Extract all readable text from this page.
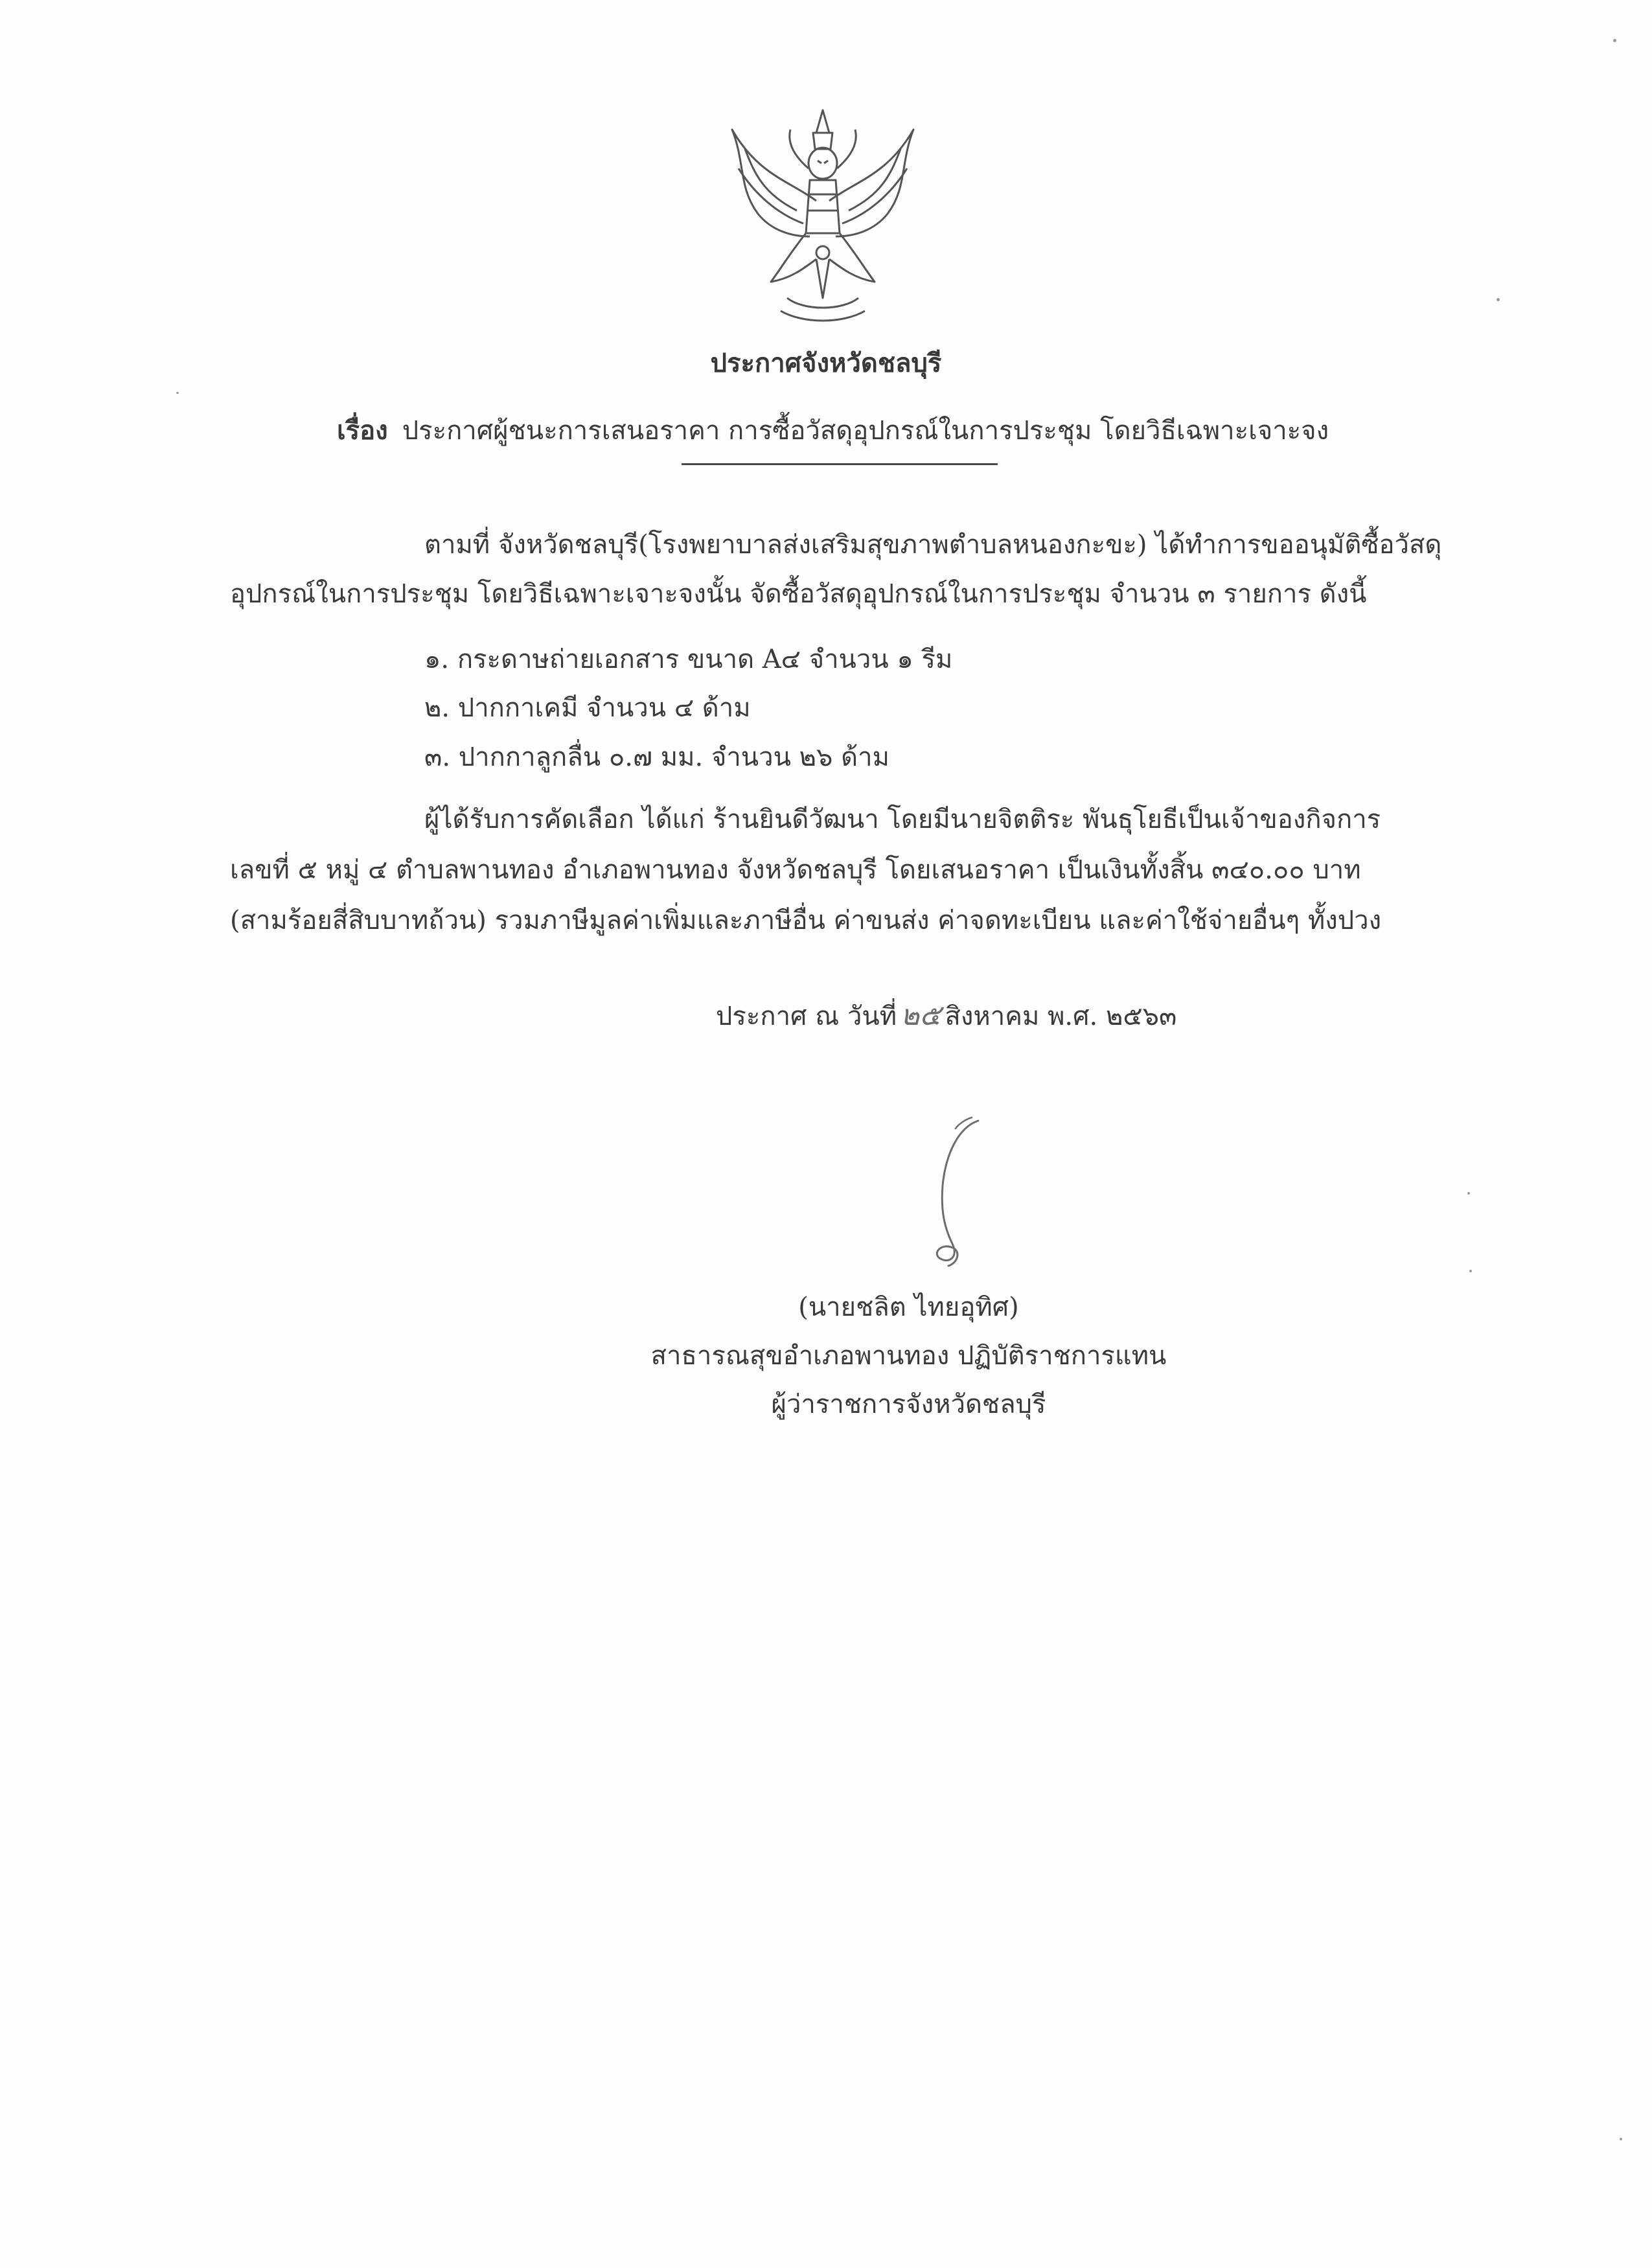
ประกาศจังหวัดชลบุรี
เรื่อง ประกาศผู้ชนะการเสนอราคา การซื้อวัสดุอุปกรณ์ในการประชุม โดยวิธีเฉพาะเจาะจง
ตามที่ จังหวัดชลบุรี(โรงพยาบาลส่งเสริมสุขภาพตำบลหนองกะขะ) ได้ทำการขออนุมัติซื้อวัสดุ
อุปกรณ์ในการประชุม โดยวิธีเฉพาะเจาะจงนั้น จัดซื้อวัสดุอุปกรณ์ในการประชุม จำนวน ๓ รายการ ดังนี้
๑. กระดาษถ่ายเอกสาร ขนาด A๔ จำนวน ๑ รีม
๒. ปากกาเคมี จำนวน ๔ ด้าม
๓. ปากกาลูกลื่น ๐.๗ มม. จำนวน ๒๖ ด้าม
ผู้ได้รับการคัดเลือก ได้แก่ ร้านยินดีวัฒนา โดยมีนายจิตติระ พันธุโยธีเป็นเจ้าของกิจการ
เลขที่ ๕ หมู่ ๔ ตำบลพานทอง อำเภอพานทอง จังหวัดชลบุรี โดยเสนอราคา เป็นเงินทั้งสิ้น ๓๔๐.๐๐ บาท
(สามร้อยสี่สิบบาทถ้วน) รวมภาษีมูลค่าเพิ่มและภาษีอื่น ค่าขนส่ง ค่าจดทะเบียน และค่าใช้จ่ายอื่นๆ ทั้งปวง
ประกาศ ณ วันที่ ๒๕ สิงหาคม พ.ศ. ๒๕๖๓
(นายชลิต ไทยอุทิศ)
สาธารณสุขอำเภอพานทอง ปฏิบัติราชการแทน
ผู้ว่าราชการจังหวัดชลบุรี
